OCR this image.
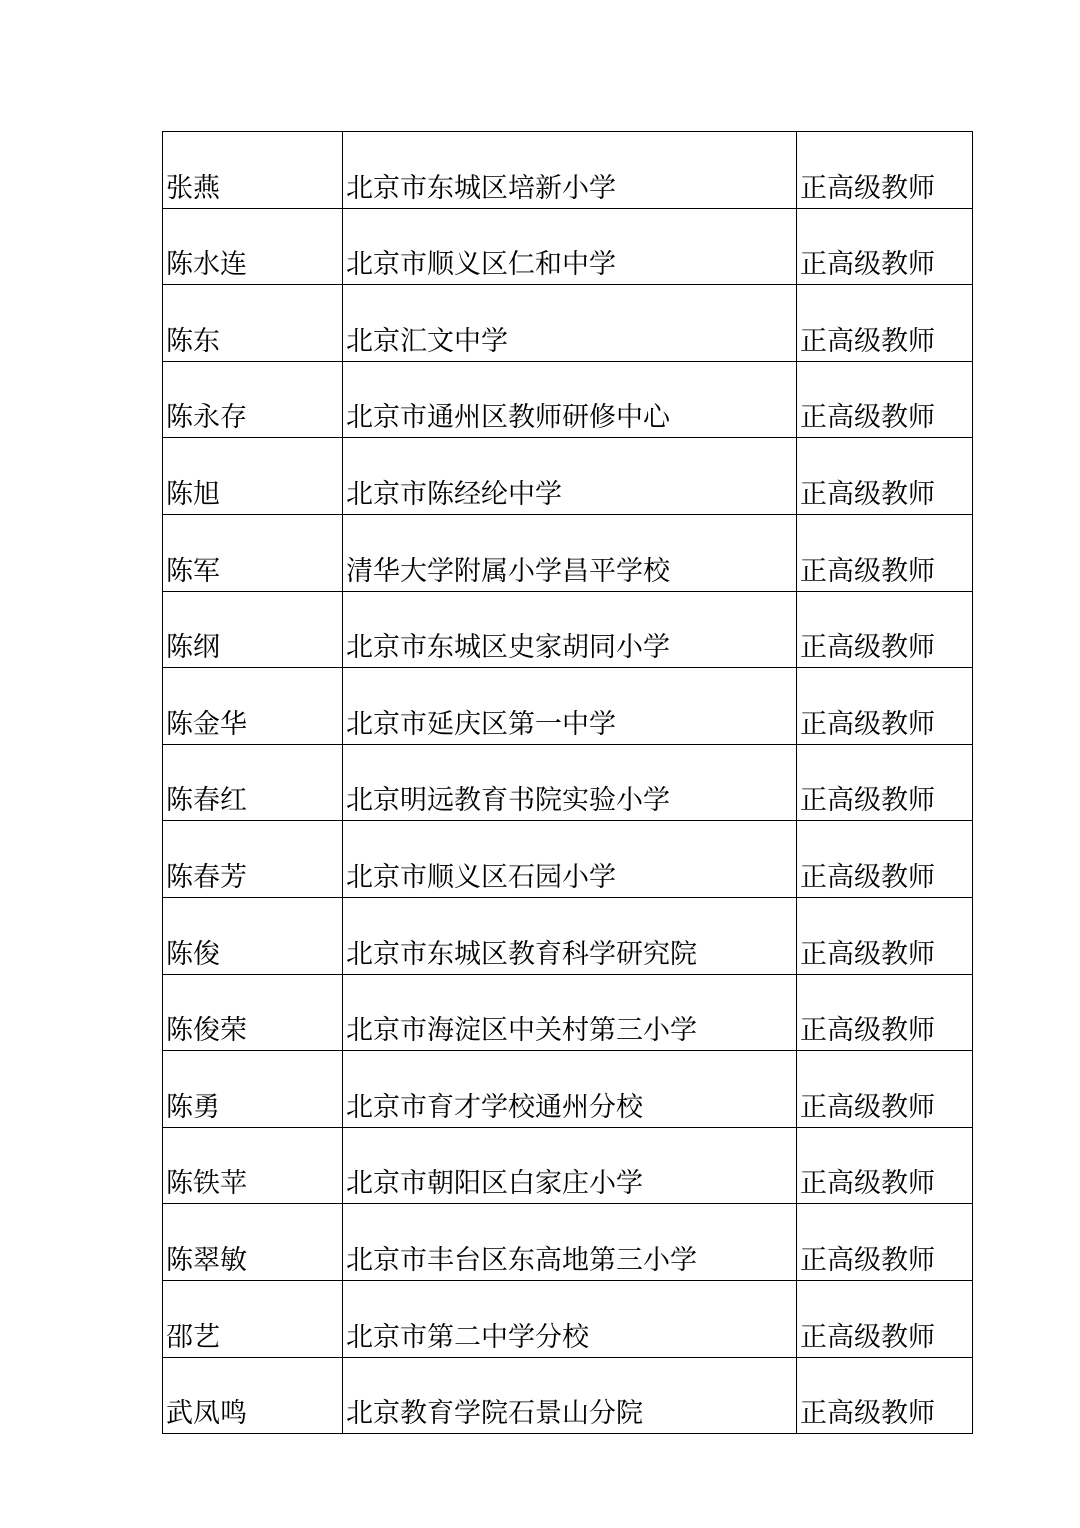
张燕	北京市东城区培新小学	正高级教师
陈水连	北京市顺义区仁和中学	正高级教师
陈东	北京汇文中学	正高级教师
陈永存	北京市通州区教师研修中心	正高级教师
陈旭	北京市陈经纶中学	正高级教师
陈军	清华大学附属小学昌平学校	正高级教师
陈纲	北京市东城区史家胡同小学	正高级教师
陈金华	北京市延庆区第一中学	正高级教师
陈春红	北京明远教育书院实验小学	正高级教师
陈春芳	北京市顺义区石园小学	正高级教师
陈俊	北京市东城区教育科学研究院	正高级教师
陈俊荣	北京市海淀区中关村第三小学	正高级教师
陈勇	北京市育才学校通州分校	正高级教师
陈铁苹	北京市朝阳区白家庄小学	正高级教师
陈翠敏	北京市丰台区东高地第三小学	正高级教师
邵艺	北京市第二中学分校	正高级教师
武凤鸣	北京教育学院石景山分院	正高级教师
